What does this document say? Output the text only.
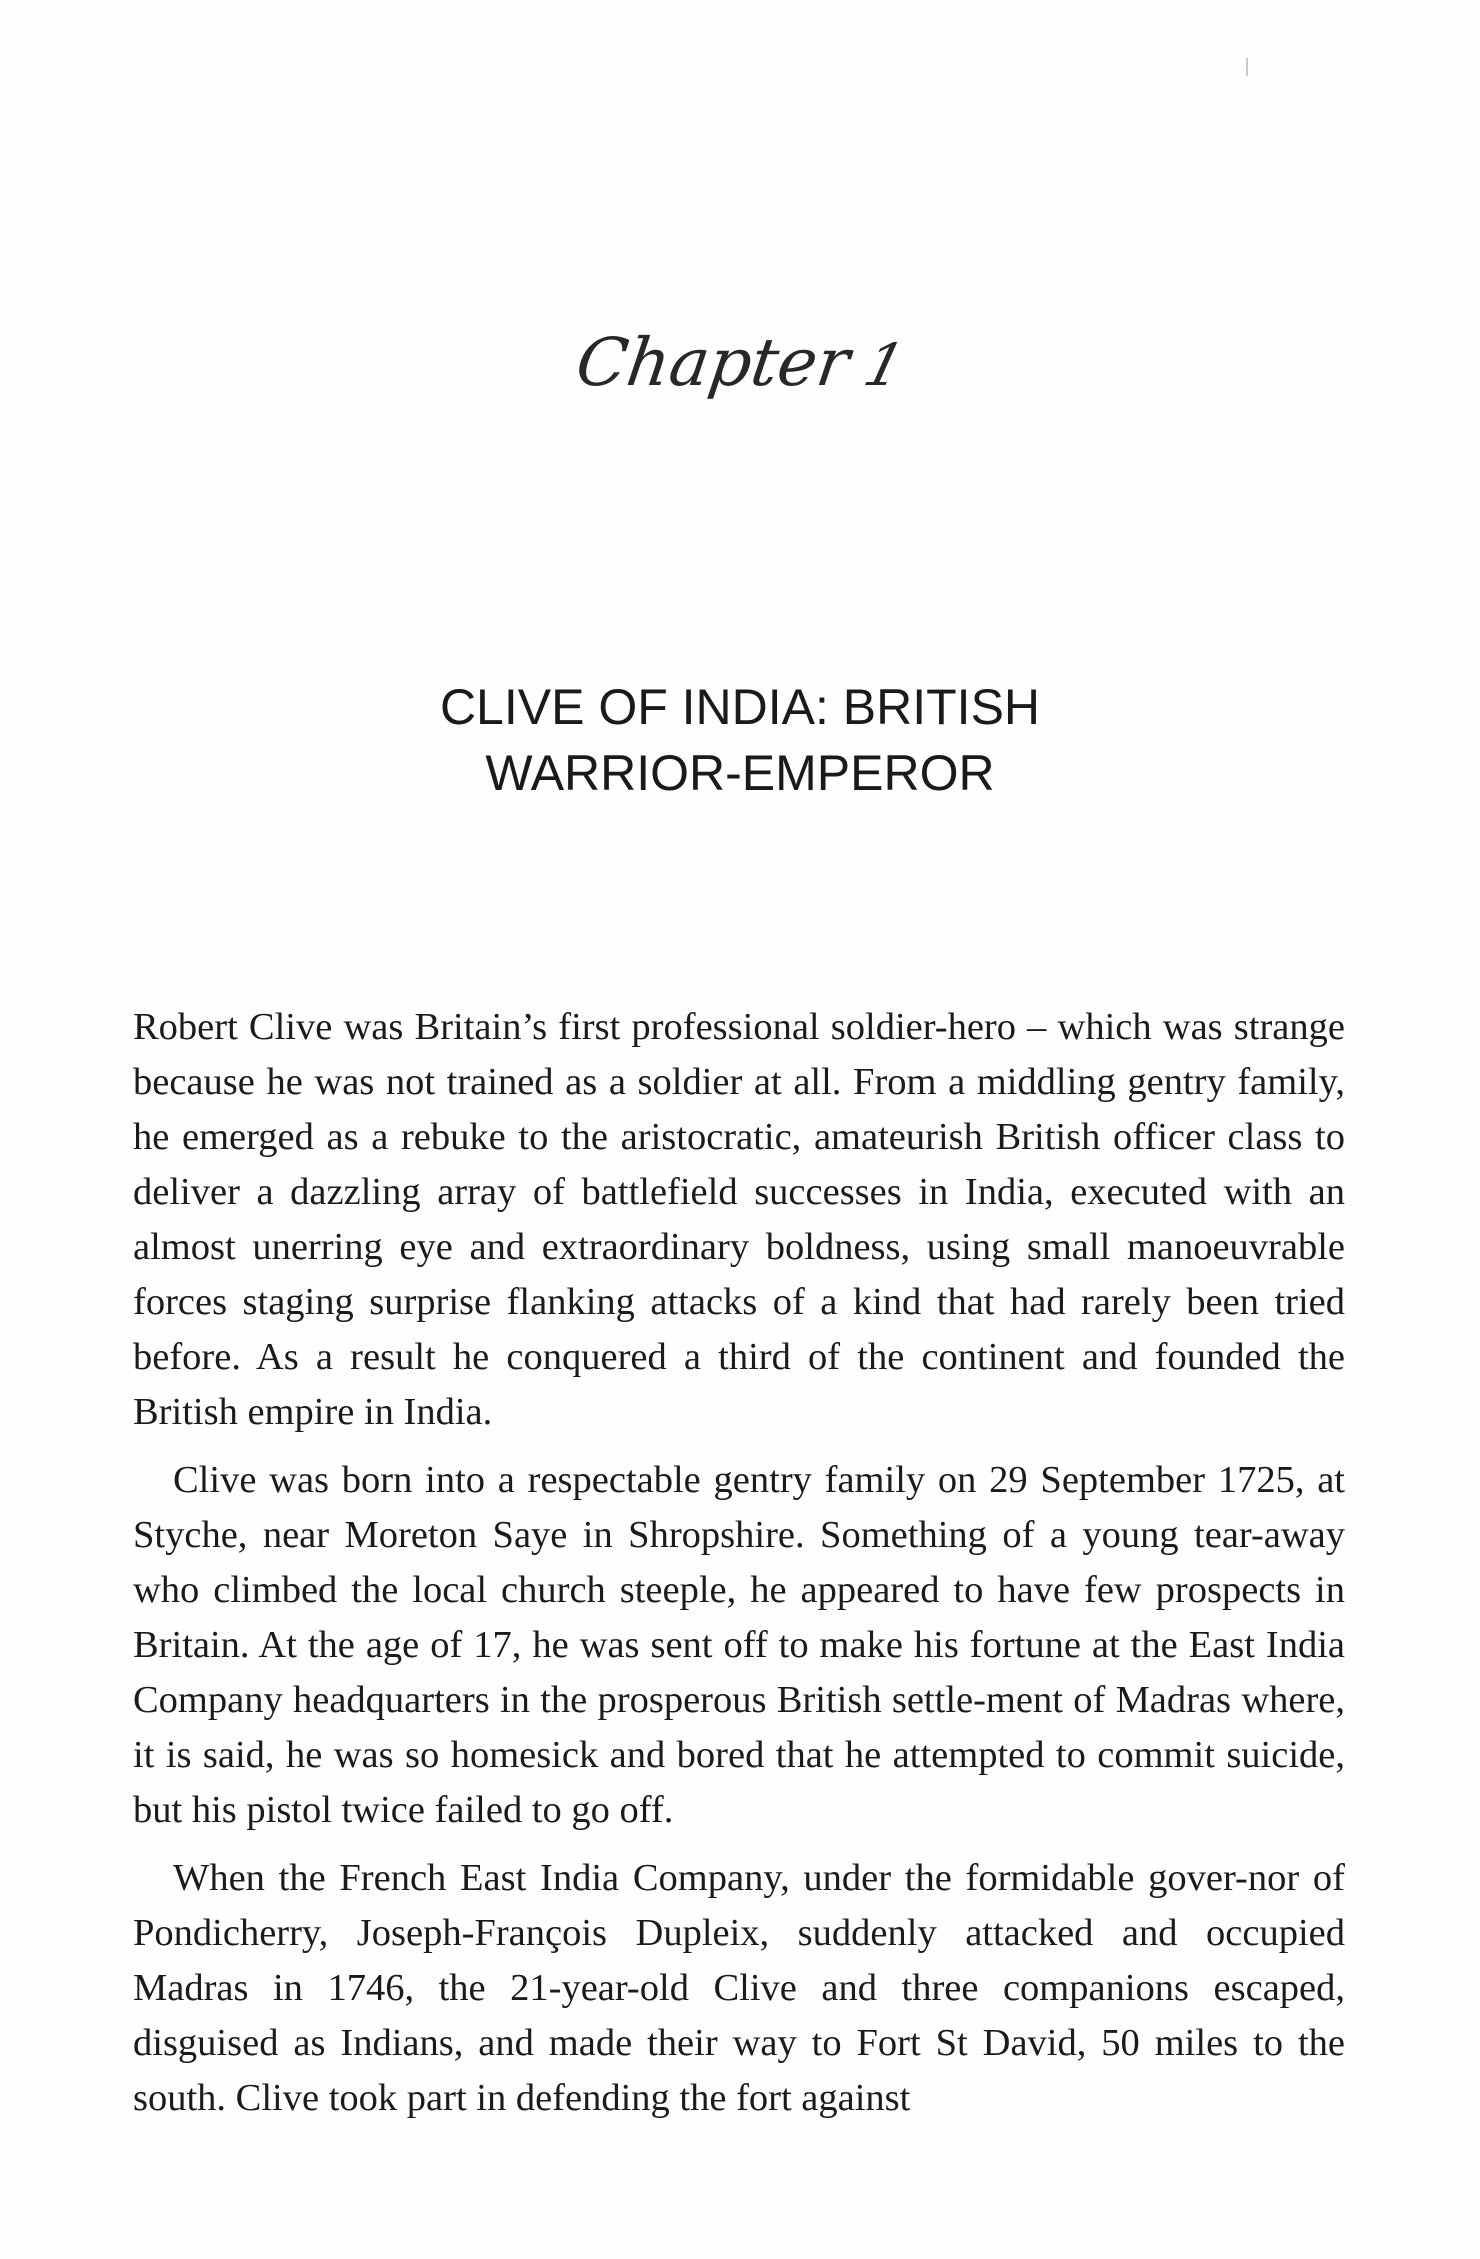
Chapter1
CLIVE OF INDIA: BRITISH
WARRIOR-EMPEROR

Robert Clive was Britain’s first professional soldier-hero – which was strange because he was not trained as a soldier at all. From a middling gentry family, he emerged as a rebuke to the aristocratic, amateurish British officer class to deliver a dazzling array of battlefield successes in India, executed with an almost unerring eye and extraordinary boldness, using small manoeuvrable forces staging surprise flanking attacks of a kind that had rarely been tried before. As a result he conquered a third of the continent and founded the British empire in India.

Clive was born into a respectable gentry family on 29 September 1725, at Styche, near Moreton Saye in Shropshire. Something of a young tear-away who climbed the local church steeple, he appeared to have few prospects in Britain. At the age of 17, he was sent off to make his fortune at the East India Company headquarters in the prosperous British settle-ment of Madras where, it is said, he was so homesick and bored that he attempted to commit suicide, but his pistol twice failed to go off.

When the French East India Company, under the formidable gover-nor of Pondicherry, Joseph-François Dupleix, suddenly attacked and occupied Madras in 1746, the 21-year-old Clive and three companions escaped, disguised as Indians, and made their way to Fort St David, 50 miles to the south. Clive took part in defending the fort against
